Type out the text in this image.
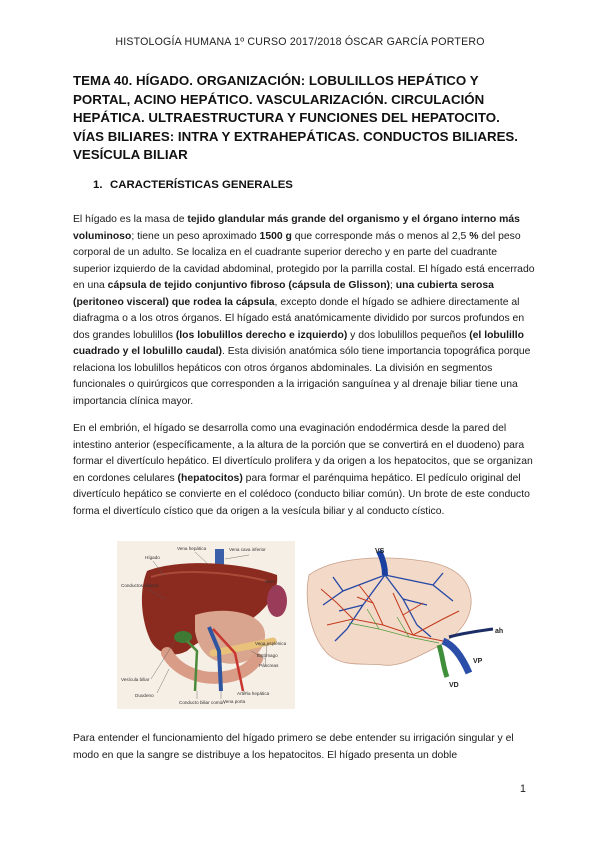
HISTOLOGÍA HUMANA 1º CURSO 2017/2018 ÓSCAR GARCÍA PORTERO
TEMA 40. HÍGADO. ORGANIZACIÓN: LOBULILLOS HEPÁTICO Y PORTAL, ACINO HEPÁTICO. VASCULARIZACIÓN. CIRCULACIÓN HEPÁTICA. ULTRAESTRUCTURA Y FUNCIONES DEL HEPATOCITO. VÍAS BILIARES: INTRA Y EXTRAHEPÁTICAS. CONDUCTOS BILIARES. VESÍCULA BILIAR
1. CARACTERÍSTICAS GENERALES

El hígado es la masa de tejido glandular más grande del organismo y el órgano interno más voluminoso; tiene un peso aproximado 1500 g que corresponde más o menos al 2,5 % del peso corporal de un adulto. Se localiza en el cuadrante superior derecho y en parte del cuadrante superior izquierdo de la cavidad abdominal, protegido por la parrilla costal. El hígado está encerrado en una cápsula de tejido conjuntivo fibroso (cápsula de Glisson); una cubierta serosa (peritoneo visceral) que rodea la cápsula, excepto donde el hígado se adhiere directamente al diafragma o a los otros órganos. El hígado está anatómicamente dividido por surcos profundos en dos grandes lobulillos (los lobulillos derecho e izquierdo) y dos lobulillos pequeños (el lobulillo cuadrado y el lobulillo caudal). Esta división anatómica sólo tiene importancia topográfica porque relaciona los lobulillos hepáticos con otros órganos abdominales. La división en segmentos funcionales o quirúrgicos que corresponden a la irrigación sanguínea y al drenaje biliar tiene una importancia clínica mayor.

En el embrión, el hígado se desarrolla como una evaginación endodérmica desde la pared del intestino anterior (específicamente, a la altura de la porción que se convertirá en el duodeno) para formar el divertículo hepático. El divertículo prolifera y da origen a los hepatocitos, que se organizan en cordones celulares (hepatocitos) para formar el parénquima hepático. El pedículo original del divertículo hepático se convierte en el colédoco (conducto biliar común). Un brote de este conducto forma el divertículo cístico que da origen a la vesícula biliar y al conducto cístico.

Vena hepática	Vena cava inferior
Hígado
Conductos biliares
Bazo
Vena esplénica
Estómago
Páncreas
Vesícula biliar
Duodeno
Conducto biliar común
Vena porta
Arteria hepática
VS
ah
VP
VD

Para entender el funcionamiento del hígado primero se debe entender su irrigación singular y el modo en que la sangre se distribuye a los hepatocitos. El hígado presenta un doble

1
